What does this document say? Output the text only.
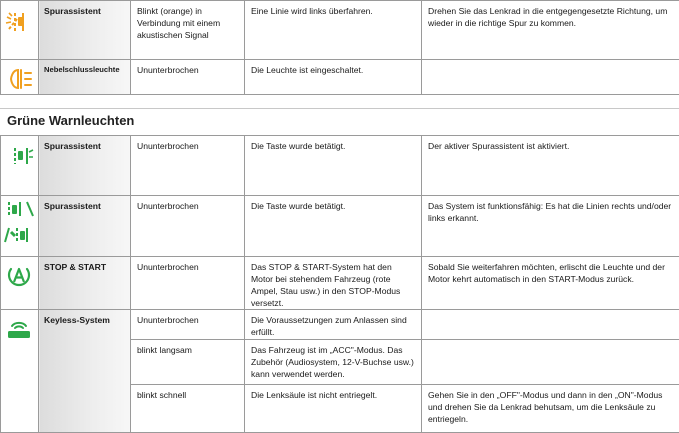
	Spurassistent	Blinkt (orange) in Verbindung mit einem akustischen Signal	Eine Linie wird links überfahren.	Drehen Sie das Lenkrad in die entgegengesetzte Richtung, um wieder in die richtige Spur zu kommen.

	Nebelschlussleuchte	Ununterbrochen	Die Leuchte ist eingeschaltet.	
Grüne Warnleuchten
	Spurassistent	Ununterbrochen	Die Taste wurde betätigt.	Der aktiver Spurassistent ist aktiviert.

	Spurassistent	Ununterbrochen	Die Taste wurde betätigt.	Das System ist funktionsfähig: Es hat die Linien rechts und/oder links erkannt.

	STOP & START	Ununterbrochen	Das STOP & START-System hat den Motor bei stehendem Fahrzeug (rote Ampel, Stau usw.) in den STOP-Modus versetzt.	Sobald Sie weiterfahren möchten, erlischt die Leuchte und der Motor kehrt automatisch in den START-Modus zurück.

	Keyless-System	Ununterbrochen	Die Voraussetzungen zum Anlassen sind erfüllt.	
		blinkt langsam	Das Fahrzeug ist im „ACC"-Modus. Das Zubehör (Audiosystem, 12-V-Buchse usw.) kann verwendet werden.	
		blinkt schnell	Die Lenksäule ist nicht entriegelt.	Gehen Sie in den „OFF"-Modus und dann in den „ON"-Modus und drehen Sie da Lenkrad behutsam, um die Lenksäule zu entriegeln.
